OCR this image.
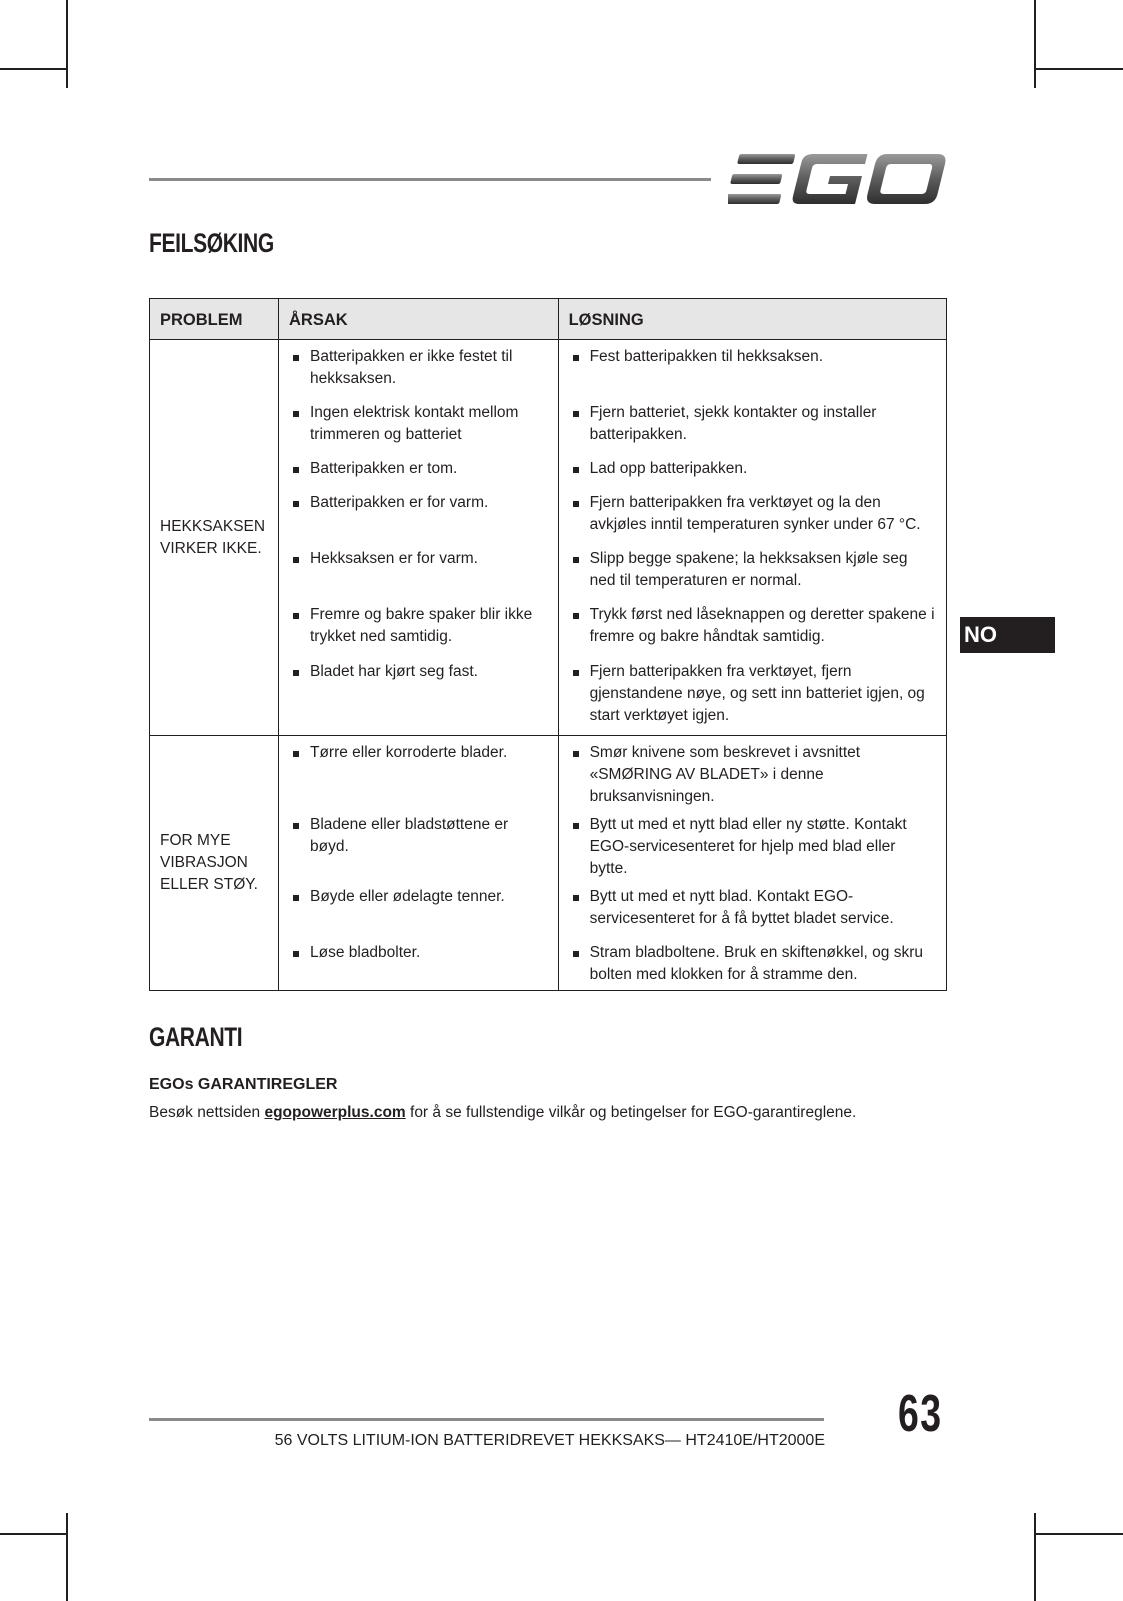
FEILSØKING
PROBLEM	ÅRSAK	LØSNING

HEKKSAKSEN
VIRKER IKKE.	Batteripakken er ikke festet til hekksaksen.	Fest batteripakken til hekksaksen.

	Ingen elektrisk kontakt mellom trimmeren og batteriet	Fjern batteriet, sjekk kontakter og installer batteripakken.

	Batteripakken er tom.	Lad opp batteripakken.

	Batteripakken er for varm.	Fjern batteripakken fra verktøyet og la den avkjøles inntil temperaturen synker under 67 °C.

	Hekksaksen er for varm.	Slipp begge spakene; la hekksaksen kjøle seg ned til temperaturen er normal.

	Fremre og bakre spaker blir ikke trykket ned samtidig.	Trykk først ned låseknappen og deretter spakene i fremre og bakre håndtak samtidig.

	Bladet har kjørt seg fast.	Fjern batteripakken fra verktøyet, fjern gjenstandene nøye, og sett inn batteriet igjen, og start verktøyet igjen.

FOR MYE
VIBRASJON
ELLER STØY.	Tørre eller korroderte blader.	Smør knivene som beskrevet i avsnittet «SMØRING AV BLADET» i denne bruksanvisningen.

	Bladene eller bladstøttene er bøyd.	Bytt ut med et nytt blad eller ny støtte. Kontakt EGO-servicesenteret for hjelp med blad eller bytte.

	Bøyde eller ødelagte tenner.	Bytt ut med et nytt blad. Kontakt EGO-servicesenteret for å få byttet bladet service.

	Løse bladbolter.	Stram bladboltene. Bruk en skiftenøkkel, og skru bolten med klokken for å stramme den.
GARANTI

EGOs GARANTIREGLER

Besøk nettsiden egopowerplus.com for å se fullstendige vilkår og betingelser for EGO-garantireglene.

NO
56 VOLTS LITIUM-ION BATTERIDREVET HEKKSAKS— HT2410E/HT2000E 63
